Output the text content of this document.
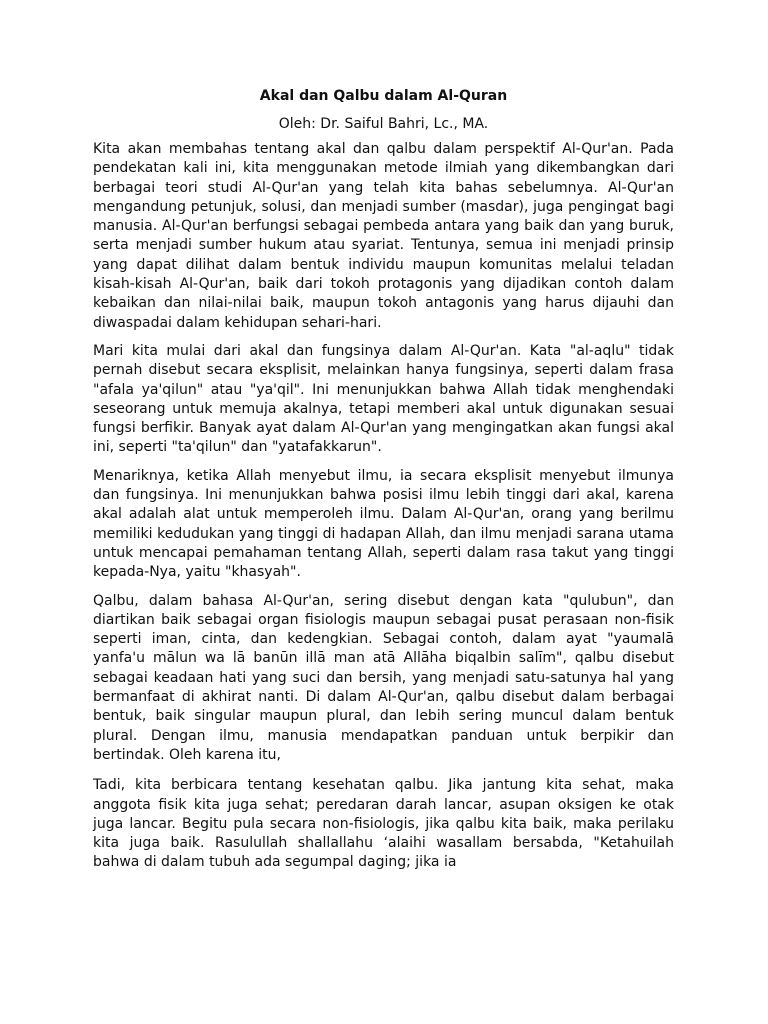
Akal dan Qalbu dalam Al-Quran

Oleh: Dr. Saiful Bahri, Lc., MA.

Kita akan membahas tentang akal dan qalbu dalam perspektif Al-Qur'an. Pada pendekatan kali ini, kita menggunakan metode ilmiah yang dikembangkan dari berbagai teori studi Al-Qur'an yang telah kita bahas sebelumnya. Al-Qur'an mengandung petunjuk, solusi, dan menjadi sumber (masdar), juga pengingat bagi manusia. Al-Qur'an berfungsi sebagai pembeda antara yang baik dan yang buruk, serta menjadi sumber hukum atau syariat. Tentunya, semua ini menjadi prinsip yang dapat dilihat dalam bentuk individu maupun komunitas melalui teladan kisah-kisah Al-Qur'an, baik dari tokoh protagonis yang dijadikan contoh dalam kebaikan dan nilai-nilai baik, maupun tokoh antagonis yang harus dijauhi dan diwaspadai dalam kehidupan sehari-hari.

Mari kita mulai dari akal dan fungsinya dalam Al-Qur'an. Kata "al-aqlu" tidak pernah disebut secara eksplisit, melainkan hanya fungsinya, seperti dalam frasa "afala ya'qilun" atau "ya'qil". Ini menunjukkan bahwa Allah tidak menghendaki seseorang untuk memuja akalnya, tetapi memberi akal untuk digunakan sesuai fungsi berfikir. Banyak ayat dalam Al-Qur'an yang mengingatkan akan fungsi akal ini, seperti "ta'qilun" dan "yatafakkarun".

Menariknya, ketika Allah menyebut ilmu, ia secara eksplisit menyebut ilmunya dan fungsinya. Ini menunjukkan bahwa posisi ilmu lebih tinggi dari akal, karena akal adalah alat untuk memperoleh ilmu. Dalam Al-Qur'an, orang yang berilmu memiliki kedudukan yang tinggi di hadapan Allah, dan ilmu menjadi sarana utama untuk mencapai pemahaman tentang Allah, seperti dalam rasa takut yang tinggi kepada-Nya, yaitu "khasyah".

Qalbu, dalam bahasa Al-Qur'an, sering disebut dengan kata "qulubun", dan diartikan baik sebagai organ fisiologis maupun sebagai pusat perasaan non-fisik seperti iman, cinta, dan kedengkian. Sebagai contoh, dalam ayat "yaumalā yanfa'u mālun wa lā banūn illā man atā Allāha biqalbin salīm", qalbu disebut sebagai keadaan hati yang suci dan bersih, yang menjadi satu-satunya hal yang bermanfaat di akhirat nanti. Di dalam Al-Qur'an, qalbu disebut dalam berbagai bentuk, baik singular maupun plural, dan lebih sering muncul dalam bentuk plural. Dengan ilmu, manusia mendapatkan panduan untuk berpikir dan bertindak. Oleh karena itu,

Tadi, kita berbicara tentang kesehatan qalbu. Jika jantung kita sehat, maka anggota fisik kita juga sehat; peredaran darah lancar, asupan oksigen ke otak juga lancar. Begitu pula secara non-fisiologis, jika qalbu kita baik, maka perilaku kita juga baik. Rasulullah shallallahu ‘alaihi wasallam bersabda, "Ketahuilah bahwa di dalam tubuh ada segumpal daging; jika ia
